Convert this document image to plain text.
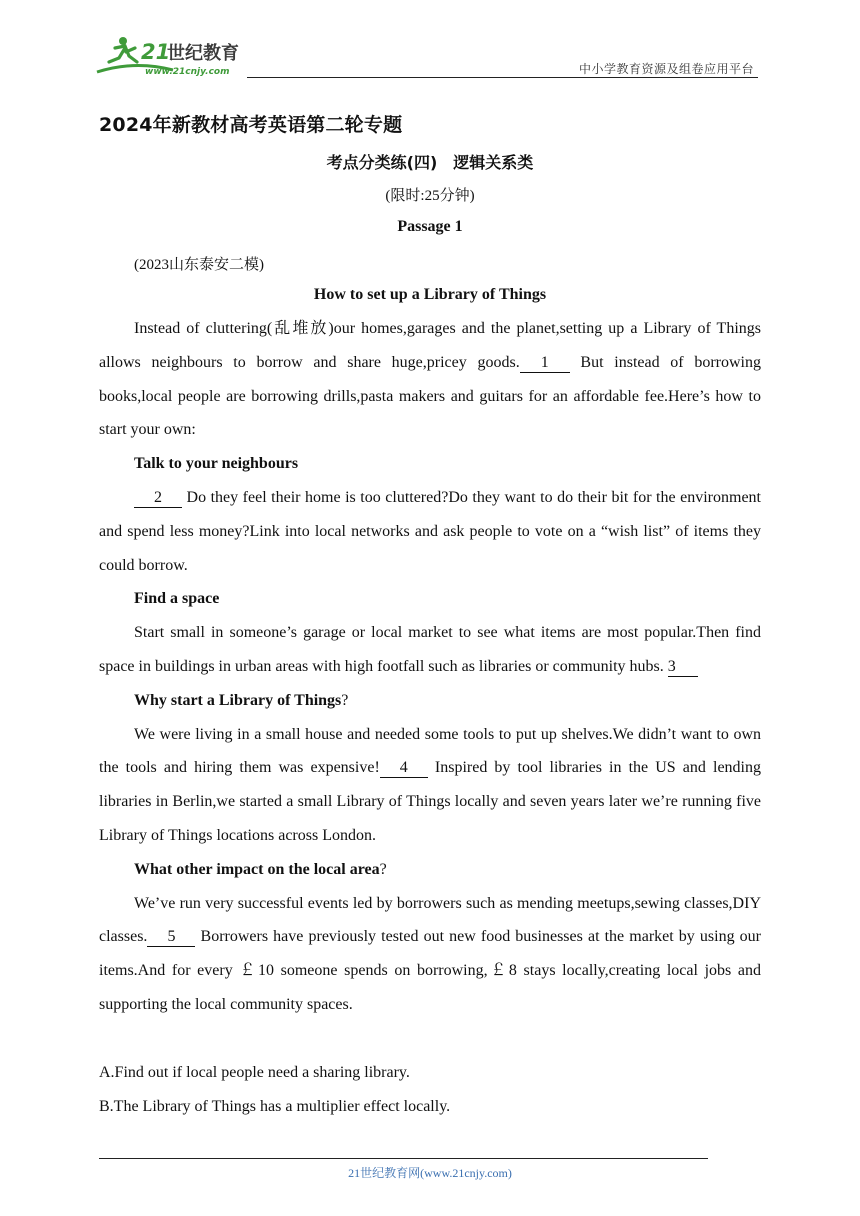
21
世纪教育
www.21cnjy.com	中小学教育资源及组卷应用平台
2024年新教材高考英语第二轮专题
考点分类练(四)　逻辑关系类
(限时:25分钟)
Passage 1
(2023山东泰安二模)
How to set up a Library of Things

Instead of cluttering(乱堆放)our homes,garages and the planet,setting up a Library of Things allows neighbours to borrow and share huge,pricey goods. 1 But instead of borrowing books,local people are borrowing drills,pasta makers and guitars for an affordable fee.Here’s how to start your own:

Talk to your neighbours

2 Do they feel their home is too cluttered?Do they want to do their bit for the environment and spend less money?Link into local networks and ask people to vote on a “wish list” of items they could borrow.

Find a space

Start small in someone’s garage or local market to see what items are most popular.Then find space in buildings in urban areas with high footfall such as libraries or community hubs. 3

Why start a Library of Things?

We were living in a small house and needed some tools to put up shelves.We didn’t want to own the tools and hiring them was expensive! 4 Inspired by tool libraries in the US and lending libraries in Berlin,we started a small Library of Things locally and seven years later we’re running five Library of Things locations across London.

What other impact on the local area?

We’ve run very successful events led by borrowers such as mending meetups,sewing classes,DIY classes. 5 Borrowers have previously tested out new food businesses at the market by using our items.And for every ￡10 someone spends on borrowing,￡8 stays locally,creating local jobs and supporting the local community spaces.

A.Find out if local people need a sharing library.
B.The Library of Things has a multiplier effect locally.
21世纪教育网(www.21cnjy.com)
